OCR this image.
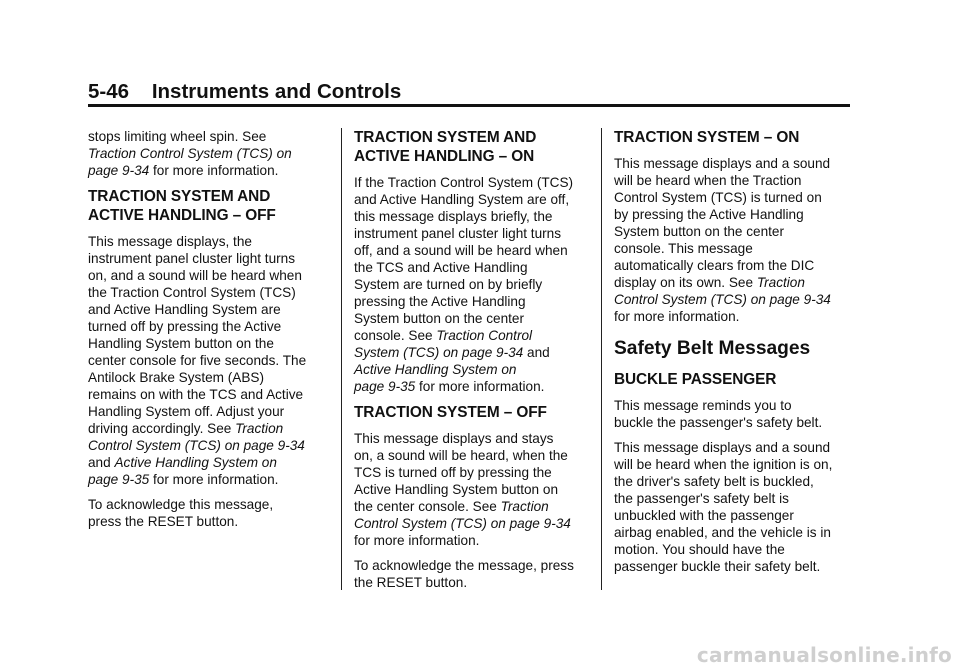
5-46 Instruments and Controls

stops limiting wheel spin. See
Traction Control System (TCS) on
page 9-34 for more information.

TRACTION SYSTEM AND
ACTIVE HANDLING – OFF

This message displays, the
instrument panel cluster light turns
on, and a sound will be heard when
the Traction Control System (TCS)
and Active Handling System are
turned off by pressing the Active
Handling System button on the
center console for five seconds. The
Antilock Brake System (ABS)
remains on with the TCS and Active
Handling System off. Adjust your
driving accordingly. See Traction
Control System (TCS) on page 9-34
and Active Handling System on
page 9-35 for more information.

To acknowledge this message,
press the RESET button.

TRACTION SYSTEM AND
ACTIVE HANDLING – ON

If the Traction Control System (TCS)
and Active Handling System are off,
this message displays briefly, the
instrument panel cluster light turns
off, and a sound will be heard when
the TCS and Active Handling
System are turned on by briefly
pressing the Active Handling
System button on the center
console. See Traction Control
System (TCS) on page 9-34 and
Active Handling System on
page 9-35 for more information.

TRACTION SYSTEM – OFF

This message displays and stays
on, a sound will be heard, when the
TCS is turned off by pressing the
Active Handling System button on
the center console. See Traction
Control System (TCS) on page 9-34
for more information.

To acknowledge the message, press
the RESET button.

TRACTION SYSTEM – ON

This message displays and a sound
will be heard when the Traction
Control System (TCS) is turned on
by pressing the Active Handling
System button on the center
console. This message
automatically clears from the DIC
display on its own. See Traction
Control System (TCS) on page 9-34
for more information.

Safety Belt Messages
BUCKLE PASSENGER

This message reminds you to
buckle the passenger's safety belt.

This message displays and a sound
will be heard when the ignition is on,
the driver's safety belt is buckled,
the passenger's safety belt is
unbuckled with the passenger
airbag enabled, and the vehicle is in
motion. You should have the
passenger buckle their safety belt.

carmanualsonline.info
